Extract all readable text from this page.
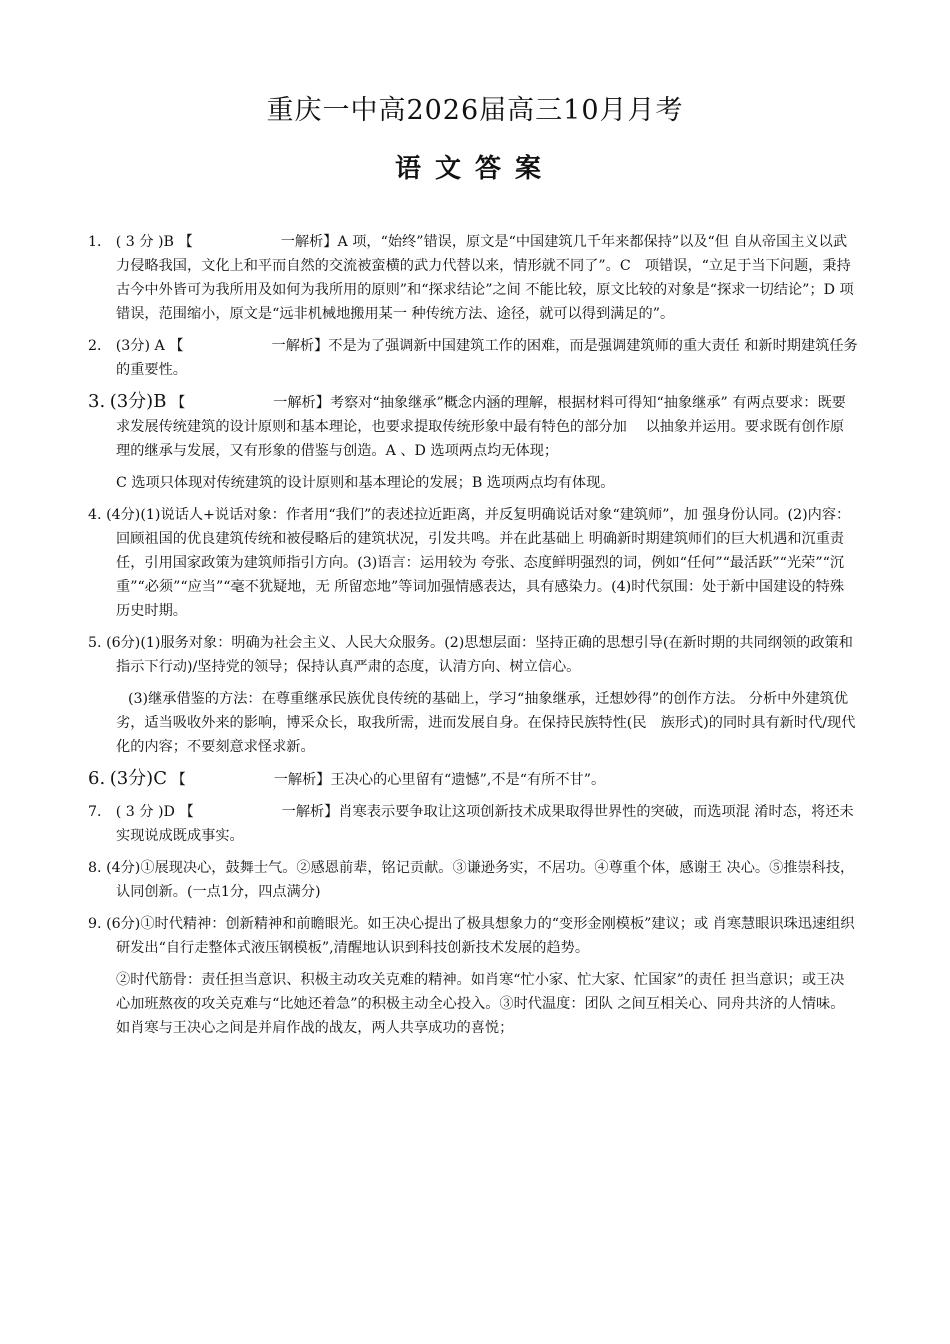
重庆一中高2026届高三10月月考
语文答案
1． ( 3 分 )B 【	一解析】A 项，“始终”错误，原文是“中国建筑几千年来都保持”以及“但 自从帝国主义以武力侵略我国，文化上和平而自然的交流被蛮横的武力代替以来，情形就不同了”。C　项错误，“立足于当下问题，秉持古今中外皆可为我所用及如何为我所用的原则”和“探求结论”之间 不能比较，原文比较的对象是“探求一切结论”；D 项错误，范围缩小，原文是“远非机械地搬用某一 种传统方法、途径，就可以得到满足的”。
2． (3分) A 【	一解析】不是为了强调新中国建筑工作的困难，而是强调建筑师的重大责任 和新时期建筑任务的重要性。
3. (3分)B 【	一解析】考察对“抽象继承”概念内涵的理解，根据材料可得知“抽象继承” 有两点要求：既要求发展传统建筑的设计原则和基本理论，也要求提取传统形象中最有特色的部分加　 以抽象并运用。要求既有创作原理的继承与发展，又有形象的借鉴与创造。A 、D 选项两点均无体现；
C 选项只体现对传统建筑的设计原则和基本理论的发展；B 选项两点均有体现。
4. (4分)(1)说话人+说话对象：作者用“我们”的表述拉近距离，并反复明确说话对象“建筑师”，加 强身份认同。(2)内容：回顾祖国的优良建筑传统和被侵略后的建筑状况，引发共鸣。并在此基础上 明确新时期建筑师们的巨大机遇和沉重责任，引用国家政策为建筑师指引方向。(3)语言：运用较为 夸张、态度鲜明强烈的词，例如“任何”“最活跃”“光荣”“沉重”“必须”“应当”“毫不犹疑地，无 所留恋地”等词加强情感表达，具有感染力。(4)时代氛围：处于新中国建设的特殊历史时期。
5. (6分)(1)服务对象：明确为社会主义、人民大众服务。(2)思想层面：坚持正确的思想引导(在新时期的共同纲领的政策和指示下行动)/坚持党的领导；保持认真严肃的态度，认清方向、树立信心。
(3)继承借鉴的方法：在尊重继承民族优良传统的基础上，学习“抽象继承，迁想妙得”的创作方法。 分析中外建筑优劣，适当吸收外来的影响，博采众长，取我所需，进而发展自身。在保持民族特性(民　族形式)的同时具有新时代/现代化的内容；不要刻意求怪求新。
6. (3分)C 【	一解析】王决心的心里留有“遗憾”,不是“有所不甘”。
7． ( 3 分 )D 【	一解析】肖寒表示要争取让这项创新技术成果取得世界性的突破，而选项混 淆时态，将还未实现说成既成事实。
8. (4分)①展现决心，鼓舞士气。②感恩前辈，铭记贡献。③谦逊务实，不居功。④尊重个体，感谢王 决心。⑤推崇科技，认同创新。(一点1分，四点满分)
9. (6分)①时代精神：创新精神和前瞻眼光。如王决心提出了极具想象力的“变形金刚模板”建议；或 肖寒慧眼识珠迅速组织研发出“自行走整体式液压钢模板”,清醒地认识到科技创新技术发展的趋势。
②时代筋骨：责任担当意识、积极主动攻关克难的精神。如肖寒“忙小家、忙大家、忙国家”的责任 担当意识；或王决心加班熬夜的攻关克难与“比她还着急”的积极主动全心投入。③时代温度：团队 之间互相关心、同舟共济的人情味。如肖寒与王决心之间是并肩作战的战友，两人共享成功的喜悦；
